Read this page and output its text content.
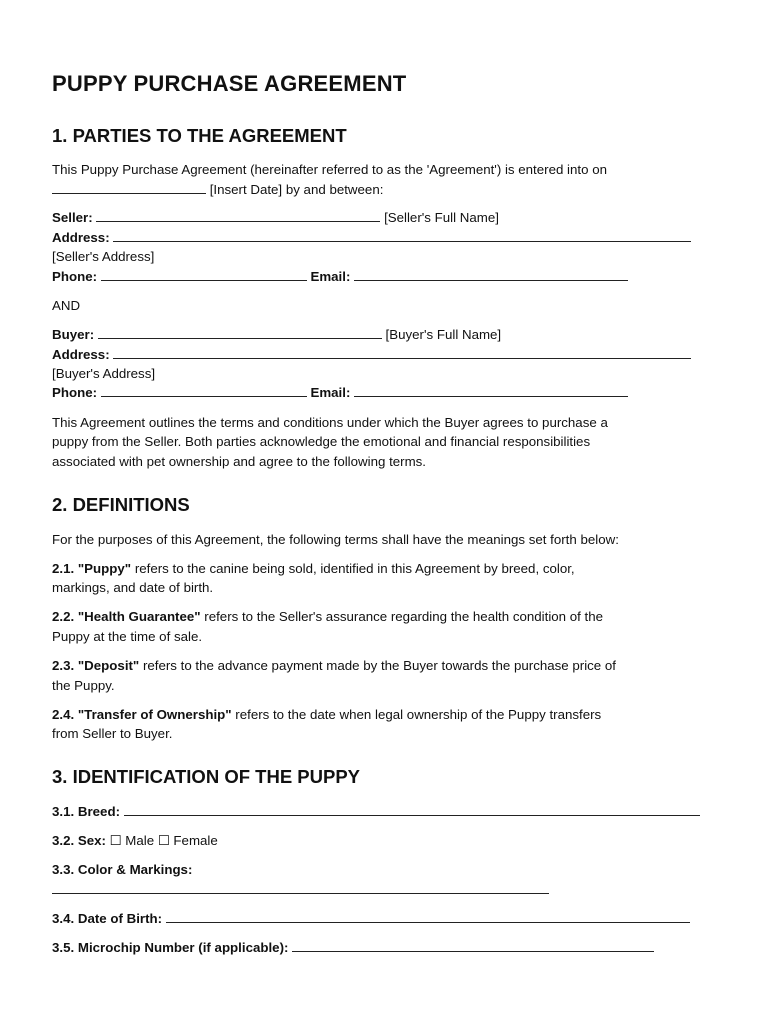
PUPPY PURCHASE AGREEMENT
1. PARTIES TO THE AGREEMENT
This Puppy Purchase Agreement (hereinafter referred to as the 'Agreement') is entered into on
[Insert Date] by and between:
Seller:	[Seller's Full Name]
Address:
[Seller's Address]
Phone:	Email:
AND
Buyer:	[Buyer's Full Name]
Address:
[Buyer's Address]
Phone:	Email:
This Agreement outlines the terms and conditions under which the Buyer agrees to purchase a
puppy from the Seller. Both parties acknowledge the emotional and financial responsibilities
associated with pet ownership and agree to the following terms.
2. DEFINITIONS
For the purposes of this Agreement, the following terms shall have the meanings set forth below:
2.1. "Puppy" refers to the canine being sold, identified in this Agreement by breed, color,
markings, and date of birth.
2.2. "Health Guarantee" refers to the Seller's assurance regarding the health condition of the
Puppy at the time of sale.
2.3. "Deposit" refers to the advance payment made by the Buyer towards the purchase price of
the Puppy.
2.4. "Transfer of Ownership" refers to the date when legal ownership of the Puppy transfers
from Seller to Buyer.
3. IDENTIFICATION OF THE PUPPY
3.1. Breed:
3.2. Sex: ☐ Male ☐ Female
3.3. Color & Markings:
3.4. Date of Birth:
3.5. Microchip Number (if applicable):
